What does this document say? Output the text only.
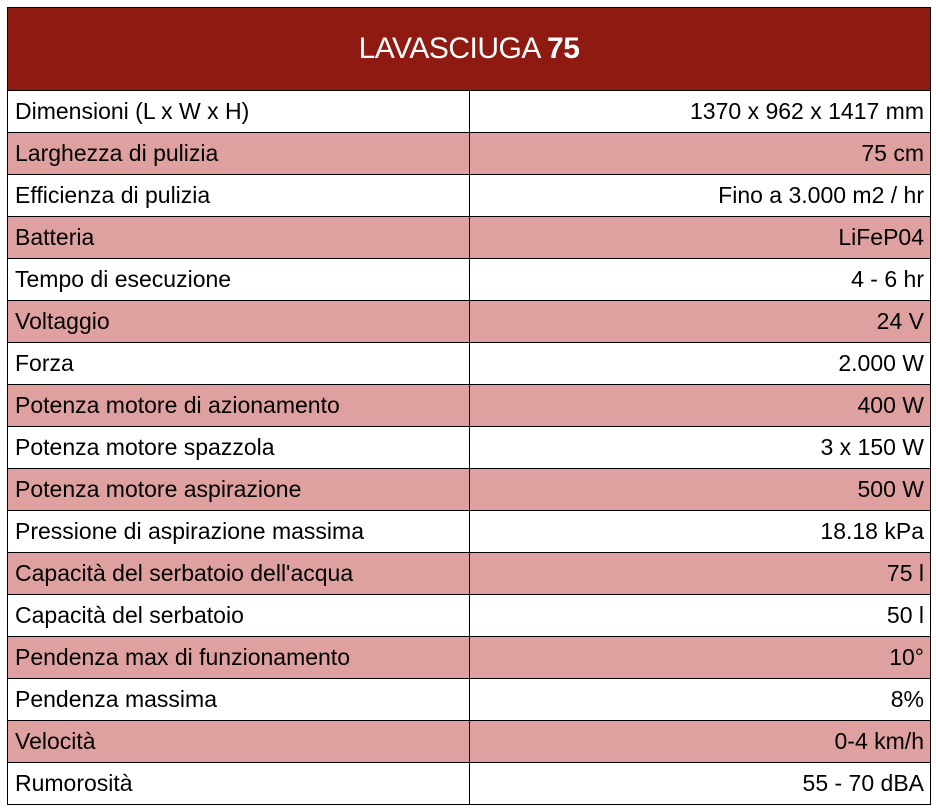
LAVASCIUGA 75	
Dimensioni (L x W x H)	1370 x 962 x 1417 mm
Larghezza di pulizia	75 cm
Efficienza di pulizia	Fino a 3.000 m2 / hr
Batteria	LiFeP04
Tempo di esecuzione	4 - 6 hr
Voltaggio	24 V
Forza	2.000 W
Potenza motore di azionamento	400 W
Potenza motore spazzola	3 x 150 W
Potenza motore aspirazione	500 W
Pressione di aspirazione massima	18.18 kPa
Capacità del serbatoio dell'acqua	75 l
Capacità del serbatoio	50 l
Pendenza max di funzionamento	10°
Pendenza massima	8%
Velocità	0-4 km/h
Rumorosità	55 - 70 dBA
